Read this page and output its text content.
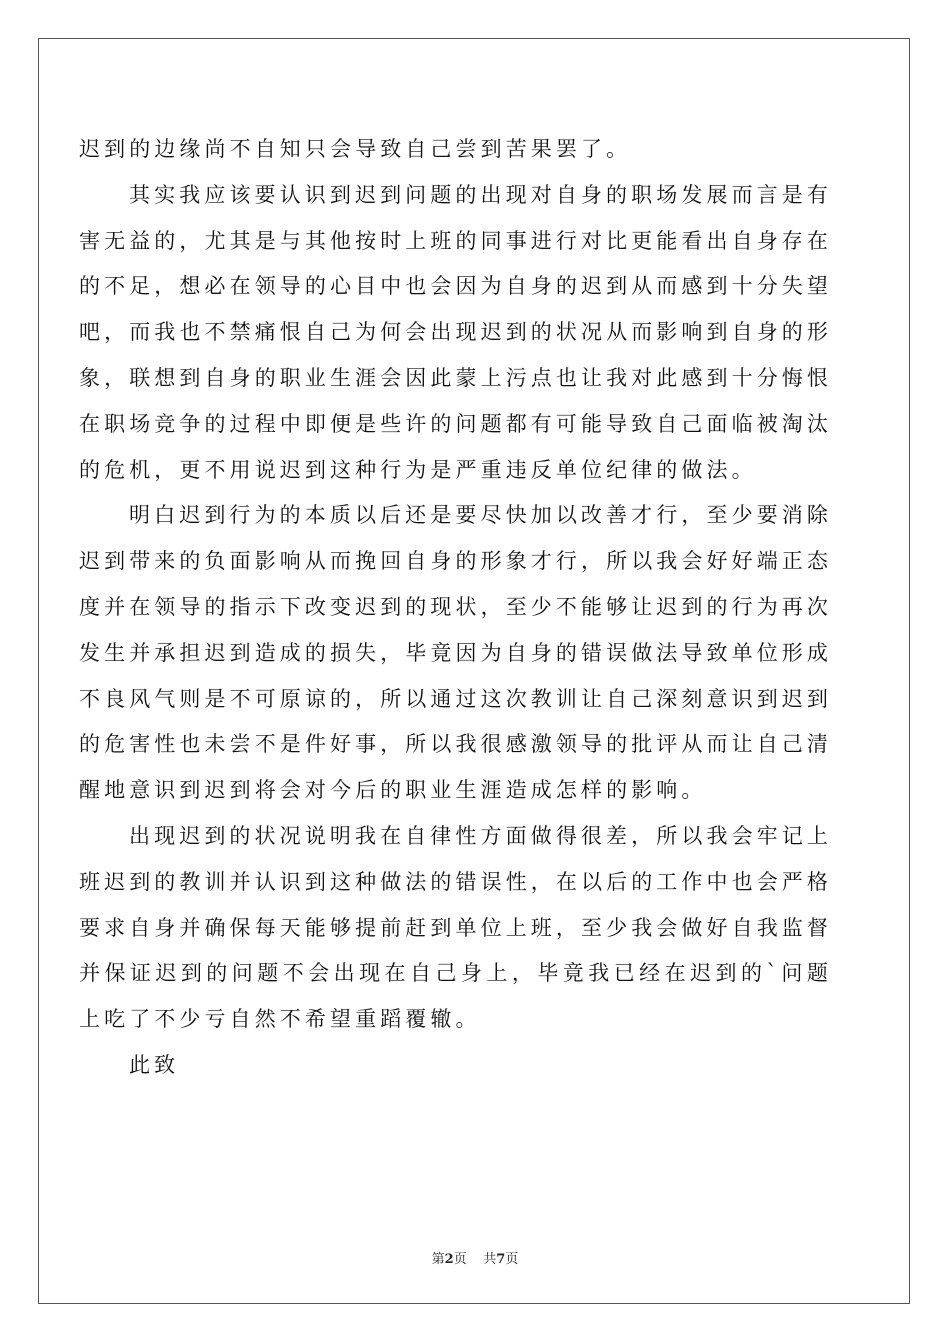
迟到的边缘尚不自知只会导致自己尝到苦果罢了。

其实我应该要认识到迟到问题的出现对自身的职场发展而言是有害无益的，尤其是与其他按时上班的同事进行对比更能看出自身存在的不足，想必在领导的心目中也会因为自身的迟到从而感到十分失望吧，而我也不禁痛恨自己为何会出现迟到的状况从而影响到自身的形象，联想到自身的职业生涯会因此蒙上污点也让我对此感到十分悔恨在职场竞争的过程中即便是些许的问题都有可能导致自己面临被淘汰的危机，更不用说迟到这种行为是严重违反单位纪律的做法。

明白迟到行为的本质以后还是要尽快加以改善才行，至少要消除迟到带来的负面影响从而挽回自身的形象才行，所以我会好好端正态度并在领导的指示下改变迟到的现状，至少不能够让迟到的行为再次发生并承担迟到造成的损失，毕竟因为自身的错误做法导致单位形成不良风气则是不可原谅的，所以通过这次教训让自己深刻意识到迟到的危害性也未尝不是件好事，所以我很感激领导的批评从而让自己清醒地意识到迟到将会对今后的职业生涯造成怎样的影响。

出现迟到的状况说明我在自律性方面做得很差，所以我会牢记上班迟到的教训并认识到这种做法的错误性，在以后的工作中也会严格要求自身并确保每天能够提前赶到单位上班，至少我会做好自我监督并保证迟到的问题不会出现在自己身上，毕竟我已经在迟到的`问题上吃了不少亏自然不希望重蹈覆辙。

此致

第2页 共7页
